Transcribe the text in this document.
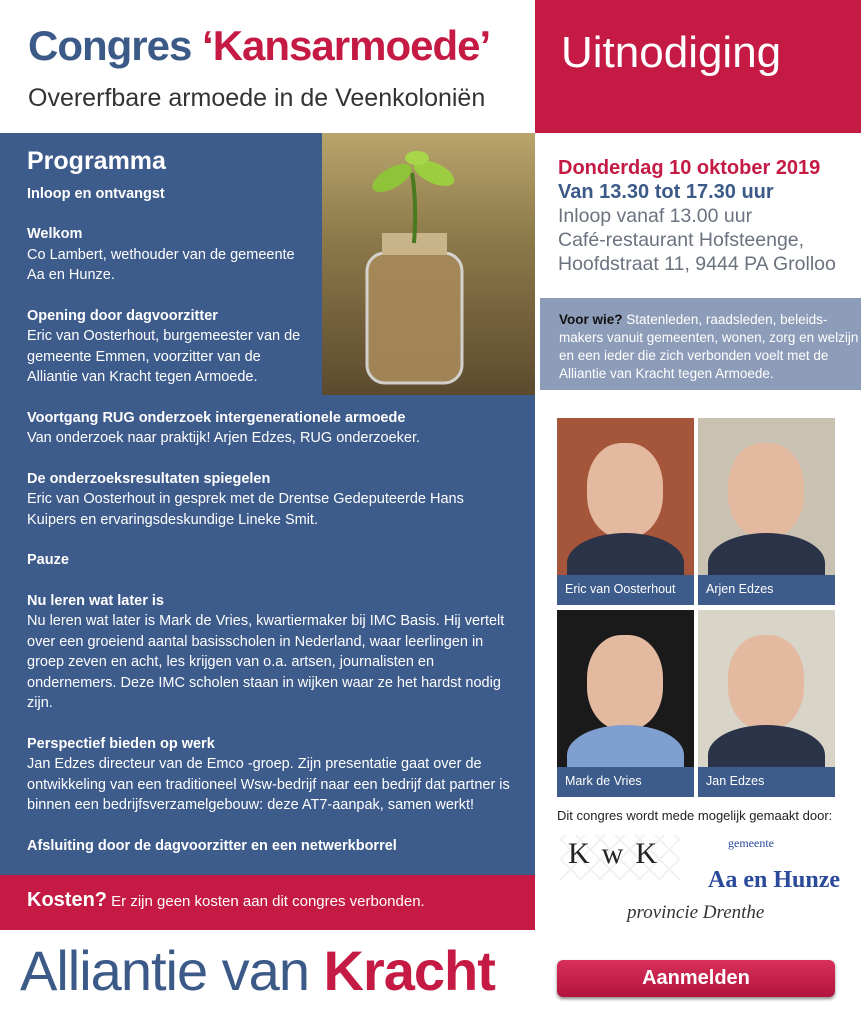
Congres ‘Kansarmoede’
Overerfbare armoede in de Veenkoloniën
Uitnodiging
Programma
Inloop en ontvangst
Welkom
Co Lambert, wethouder van de gemeente Aa en Hunze.
Opening door dagvoorzitter
Eric van Oosterhout, burgemeester van de gemeente Emmen, voorzitter van de Alliantie van Kracht tegen Armoede.
Voortgang RUG onderzoek intergenerationele armoede
Van onderzoek naar praktijk! Arjen Edzes, RUG onderzoeker.
De onderzoeksresultaten spiegelen
Eric van Oosterhout in gesprek met de Drentse Gedeputeerde Hans Kuipers en ervaringsdeskundige Lineke Smit.
Pauze
Nu leren wat later is
Nu leren wat later is Mark de Vries, kwartiermaker bij IMC Basis. Hij vertelt over een groeiend aantal basisscholen in Nederland, waar leerlingen in groep zeven en acht, les krijgen van o.a. artsen, journalisten en ondernemers. Deze IMC scholen staan in wijken waar ze het hardst nodig zijn.
Perspectief bieden op werk
Jan Edzes directeur van de Emco -groep. Zijn presentatie gaat over de ontwikkeling van een traditioneel Wsw-bedrijf naar een bedrijf dat partner is binnen een bedrijfsverzamelgebouw: deze AT7-aanpak, samen werkt!
Afsluiting door de dagvoorzitter en een netwerkborrel
Kosten? Er zijn geen kosten aan dit congres verbonden.
Alliantie van Kracht
Donderdag 10 oktober 2019
Van 13.30 tot 17.30 uur
Inloop vanaf 13.00 uur
Café-restaurant Hofsteenge,
Hoofdstraat 11, 9444 PA Grolloo
Voor wie? Statenleden, raadsleden, beleids-makers vanuit gemeenten, wonen, zorg en welzijn en een ieder die zich verbonden voelt met de Alliantie van Kracht tegen Armoede.
Eric van Oosterhout	Arjen Edzes
Mark de Vries	Jan Edzes
Dit congres wordt mede mogelijk gemaakt door:
KwK	gemeente

Aa en Hunze
provincie Drenthe
Aanmelden
